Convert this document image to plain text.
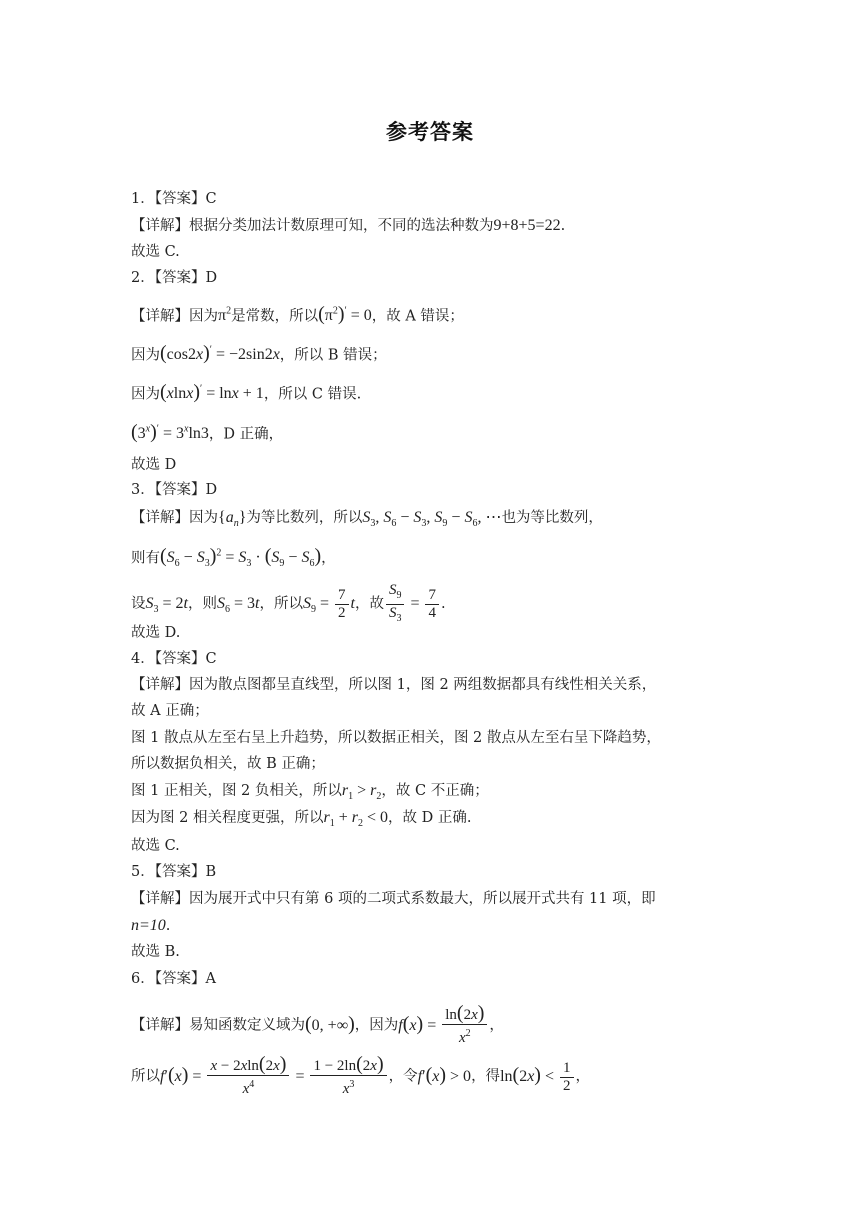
参考答案
1．【答案】C
【详解】根据分类加法计数原理可知，不同的选法种数为9+8+5=22.
故选 C.
2．【答案】D
【详解】因为$\pi^2$是常数，所以$(\pi^2)' = 0$，故 A 错误；
因为(cos2x)′ = −2sin2x，所以 B 错误；
因为(xlnx)′ = lnx + 1，所以 C 错误.
$(3^x)' = 3^x\ln 3$，D 正确，
故选 D
3．【答案】D
【详解】因为$\{a_n\}$为等比数列，所以$S_3$, $S_6 - S_3$, $S_9 - S_6$, ⋯也为等比数列，
则有$(S_6 - S_3)^2 = S_3 \cdot (S_9 - S_6)$，
设$S_3 = 2t$，则$S_6 = 3t$，所以$S_9 = \frac{7}{2}$ t，故 $\frac{S_9}{S_3} = \frac{7}{4}$ .
故选 D.
4．【答案】C
【详解】因为散点图都呈直线型，所以图 1，图 2 两组数据都具有线性相关关系，
故 A 正确；
图 1 散点从左至右呈上升趋势，所以数据正相关，图 2 散点从左至右呈下降趋势，
所以数据负相关，故 B 正确；
图 1 正相关，图 2 负相关，所以$r_1 > r_2$，故 C 不正确；
因为图 2 相关程度更强，所以$r_1 + r_2 < 0$，故 D 正确.
故选 C.
5．【答案】B
【详解】因为展开式中只有第 6 项的二项式系数最大，所以展开式共有 11 项，即
n=10.
故选 B.
6．【答案】A
【详解】易知函数定义域为(0, +∞)，因为$f(x) = \frac{\ln(2x)}{x^2}$ ，
所以$f'(x) = \frac{x - 2xln(2x)}{x^4} = \frac{1 - 2\ln(2x)}{x^3}$ ，令f′(x) > 0，得$\ln(2x) < \frac{1}{2}$ ，
